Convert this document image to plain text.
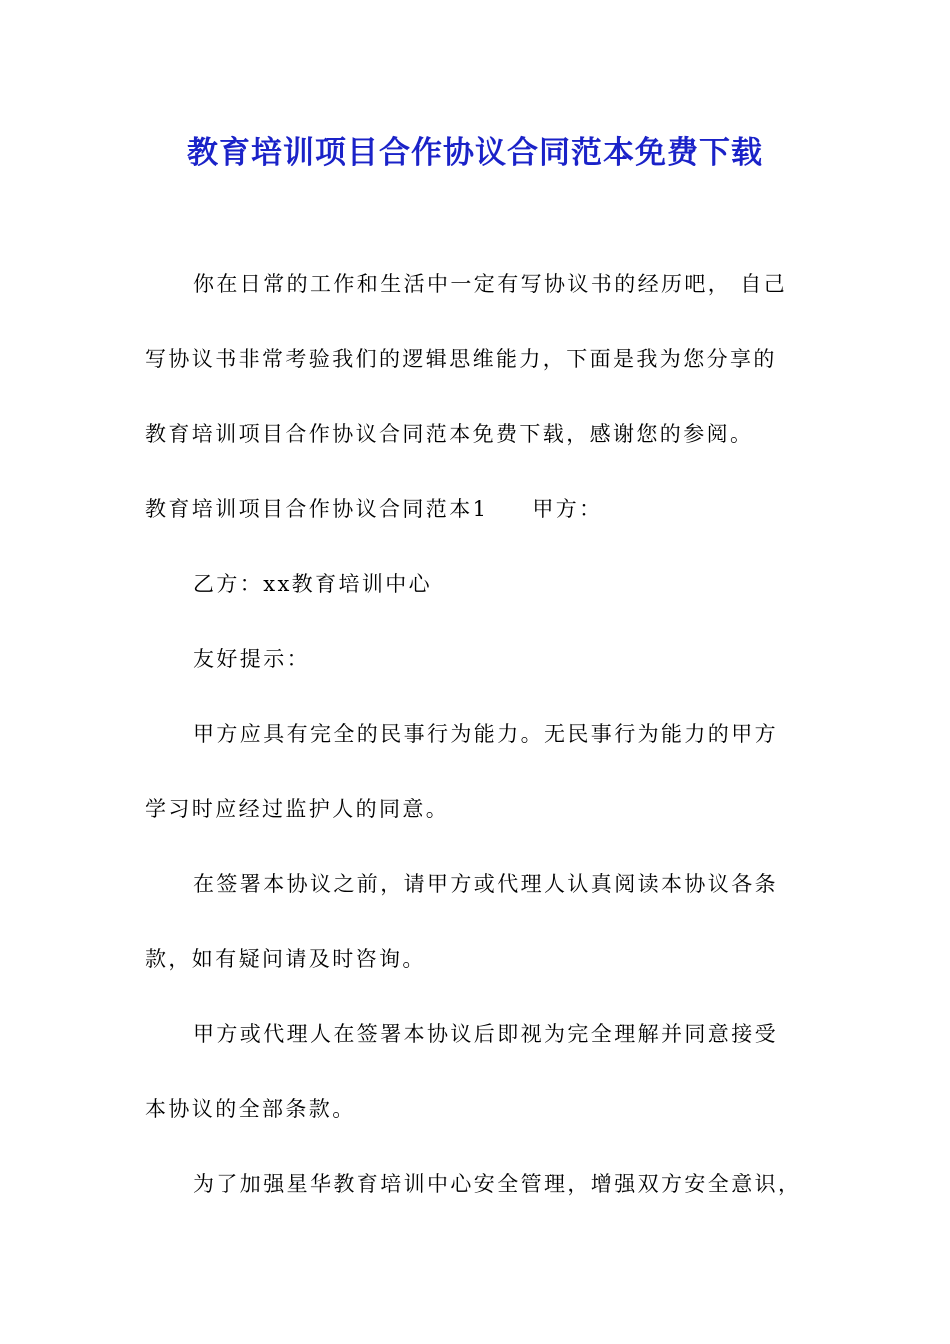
教育培训项目合作协议合同范本免费下载

你在日常的工作和生活中一定有写协议书的经历吧， 自己

写协议书非常考验我们的逻辑思维能力，下面是我为您分享的

教育培训项目合作协议合同范本免费下载，感谢您的参阅。

教育培训项目合作协议合同范本1 甲方：

乙方：xx教育培训中心

友好提示：

甲方应具有完全的民事行为能力。无民事行为能力的甲方

学习时应经过监护人的同意。

在签署本协议之前，请甲方或代理人认真阅读本协议各条

款，如有疑问请及时咨询。

甲方或代理人在签署本协议后即视为完全理解并同意接受

本协议的全部条款。

为了加强星华教育培训中心安全管理，增强双方安全意识，
